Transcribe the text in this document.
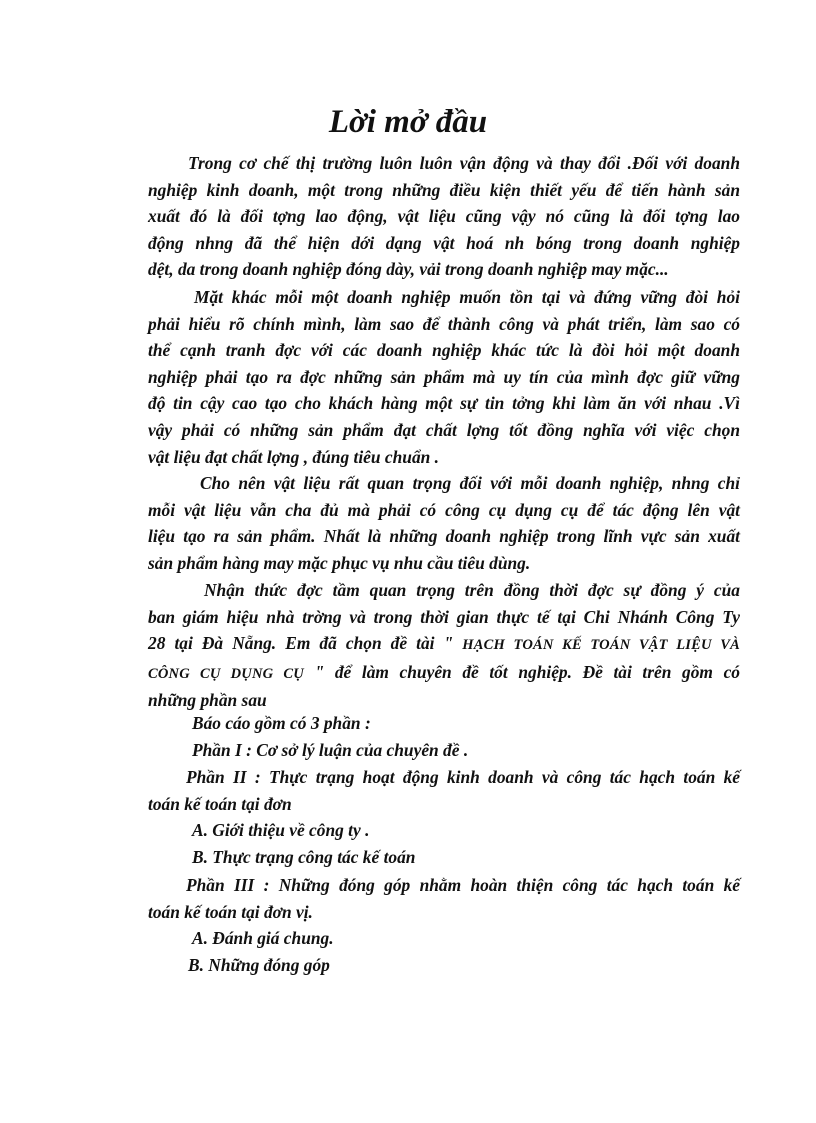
Lời mở đầu
Trong cơ chế thị trường luôn luôn vận động và thay đổi .Đối với doanh
nghiệp kinh doanh, một trong những điều kiện thiết yếu để tiến hành sản
xuất đó là đối tợng lao động, vật liệu cũng vậy nó cũng là đối tợng lao
động nhng đã thể hiện dới dạng vật hoá nh bóng trong doanh nghiệp
dệt, da trong doanh nghiệp đóng dày, vải trong doanh nghiệp may mặc...
Mặt khác mỗi một doanh nghiệp muốn tồn tại và đứng vững đòi hỏi
phải hiểu rõ chính mình, làm sao để thành công và phát triển, làm sao có
thể cạnh tranh đợc với các doanh nghiệp khác tức là đòi hỏi một doanh
nghiệp phải tạo ra đợc những sản phẩm mà uy tín của mình đợc giữ vững
độ tin cậy cao tạo cho khách hàng một sự tin tởng khi làm ăn với nhau .Vì
vậy phải có những sản phẩm đạt chất lợng tốt đồng nghĩa với việc chọn
vật liệu đạt chất lợng , đúng tiêu chuẩn .
Cho nên vật liệu rất quan trọng đối với mỗi doanh nghiệp, nhng chỉ
mỗi vật liệu vẫn cha đủ mà phải có công cụ dụng cụ để tác động lên vật
liệu tạo ra sản phẩm. Nhất là những doanh nghiệp trong lĩnh vực sản xuất
sản phẩm hàng may mặc phục vụ nhu cầu tiêu dùng.
Nhận thức đợc tầm quan trọng trên đồng thời đợc sự đồng ý của
ban giám hiệu nhà trờng và trong thời gian thực tế tại Chi Nhánh Công Ty
28 tại Đà Nẵng. Em đã chọn đề tài " HẠCH TOÁN KẾ TOÁN VẬT LIỆU VÀ
CÔNG CỤ DỤNG CỤ " để làm chuyên đề tốt nghiệp. Đề tài trên gồm có
những phần sau
Báo cáo gồm có 3 phần :
Phần I : Cơ sở lý luận của chuyên đề .
Phần II : Thực trạng hoạt động kinh doanh và công tác hạch toán kế
toán kế toán tại đơn
A. Giới thiệu về công ty .
B. Thực trạng công tác kế toán
Phần III : Những đóng góp nhằm hoàn thiện công tác hạch toán kế
toán kế toán tại đơn vị.
A. Đánh giá chung.
B. Những đóng góp
